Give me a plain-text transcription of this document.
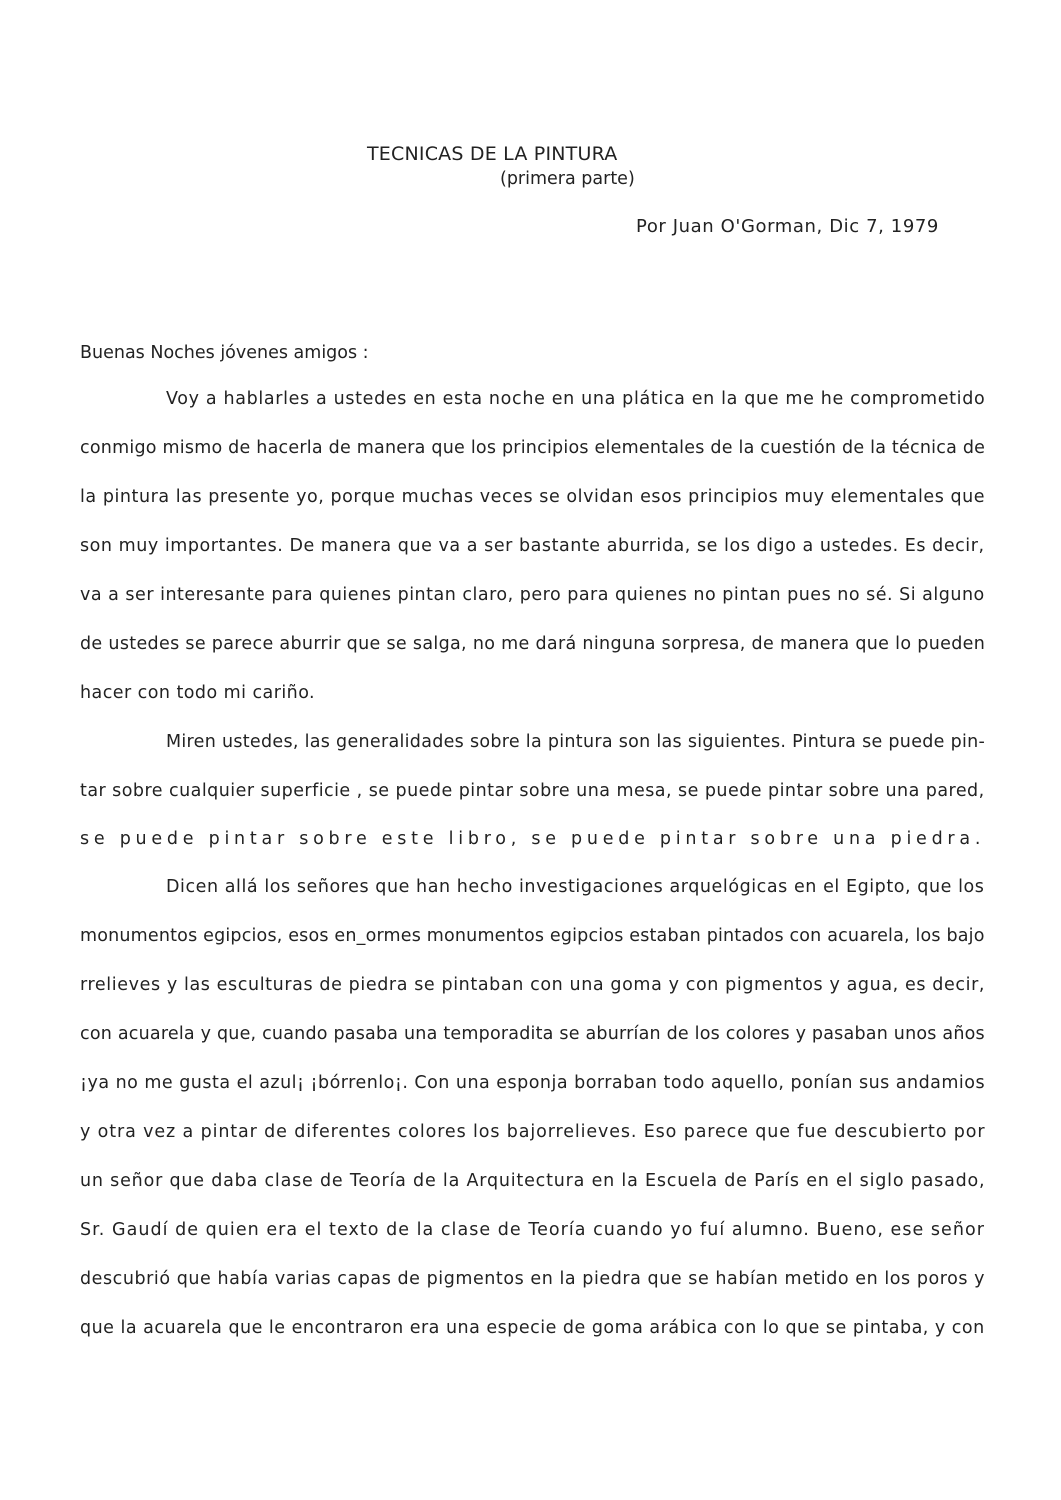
TECNICAS DE LA PINTURA
(primera parte)
Por Juan O'Gorman, Dic 7, 1979
Buenas Noches jóvenes amigos :
Voy a hablarles a ustedes en esta noche en una plática en la que me he comprometido
conmigo mismo de hacerla de manera que los principios elementales de la cuestión de la técnica de
la pintura las presente yo, porque muchas veces se olvidan esos principios muy elementales que
son muy importantes. De manera que va a ser bastante aburrida, se los digo a ustedes. Es decir,
va a ser interesante para quienes pintan claro, pero para quienes no pintan pues no sé. Si alguno
de ustedes se parece aburrir que se salga, no me dará ninguna sorpresa, de manera que lo pueden
hacer con todo mi cariño.
Miren ustedes, las generalidades sobre la pintura son las siguientes. Pintura se puede pin-
tar sobre cualquier superficie , se puede pintar sobre una mesa, se puede pintar sobre una pared,
se puede pintar sobre este libro, se puede pintar sobre una piedra.
Dicen allá los señores que han hecho investigaciones arquelógicas en el Egipto, que los
monumentos egipcios, esos en_ormes monumentos egipcios estaban pintados con acuarela, los bajo
rrelieves y las esculturas de piedra se pintaban con una goma y con pigmentos y agua, es decir,
con acuarela y que, cuando pasaba una temporadita se aburrían de los colores y pasaban unos años
¡ya no me gusta el azul¡ ¡bórrenlo¡. Con una esponja borraban todo aquello, ponían sus andamios
y otra vez a pintar de diferentes colores los bajorrelieves. Eso parece que fue descubierto por
un señor que daba clase de Teoría de la Arquitectura en la Escuela de París en el siglo pasado,
Sr. Gaudí de quien era el texto de la clase de Teoría cuando yo fuí alumno. Bueno, ese señor
descubrió que había varias capas de pigmentos en la piedra que se habían metido en los poros y
que la acuarela que le encontraron era una especie de goma arábica con lo que se pintaba, y con
